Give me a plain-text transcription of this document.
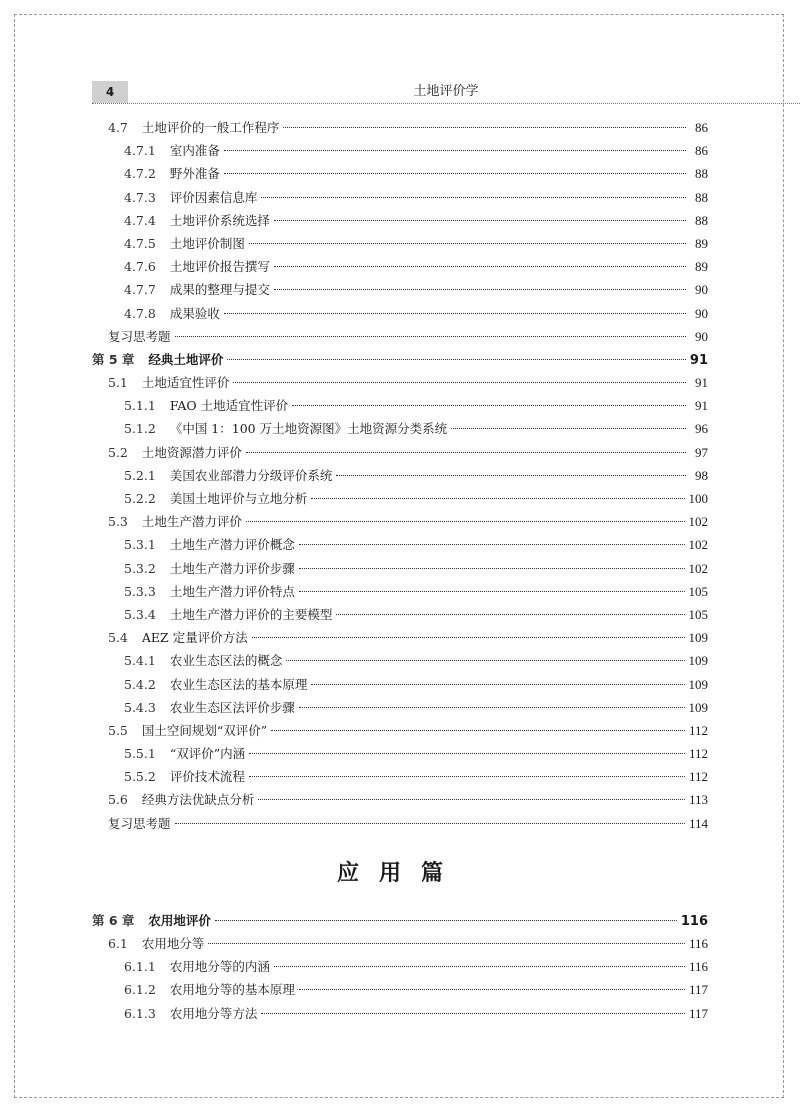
4	土地评价学
4.7 土地评价的一般工作程序	86
4.7.1 室内准备	86
4.7.2 野外准备	88
4.7.3 评价因素信息库	88
4.7.4 土地评价系统选择	88
4.7.5 土地评价制图	89
4.7.6 土地评价报告撰写	89
4.7.7 成果的整理与提交	90
4.7.8 成果验收	90
复习思考题	90
第 5 章 经典土地评价	91
5.1 土地适宜性评价	91
5.1.1 FAO 土地适宜性评价	91
5.1.2 《中国 1：100 万土地资源图》土地资源分类系统	96
5.2 土地资源潜力评价	97
5.2.1 美国农业部潜力分级评价系统	98
5.2.2 美国土地评价与立地分析	100
5.3 土地生产潜力评价	102
5.3.1 土地生产潜力评价概念	102
5.3.2 土地生产潜力评价步骤	102
5.3.3 土地生产潜力评价特点	105
5.3.4 土地生产潜力评价的主要模型	105
5.4 AEZ 定量评价方法	109
5.4.1 农业生态区法的概念	109
5.4.2 农业生态区法的基本原理	109
5.4.3 农业生态区法评价步骤	109
5.5 国土空间规划“双评价”	112
5.5.1 “双评价”内涵	112
5.5.2 评价技术流程	112
5.6 经典方法优缺点分析	113
复习思考题	114
应用篇
第 6 章 农用地评价	116
6.1 农用地分等	116
6.1.1 农用地分等的内涵	116
6.1.2 农用地分等的基本原理	117
6.1.3 农用地分等方法	117
